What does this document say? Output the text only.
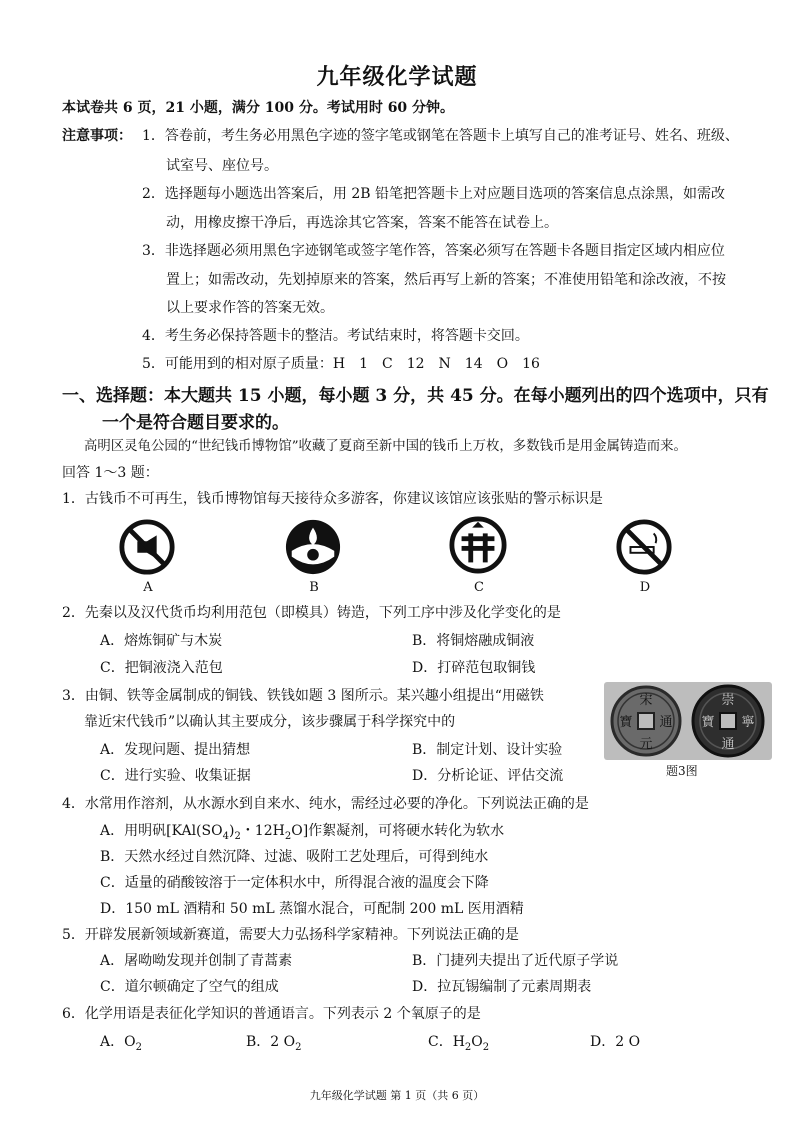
九年级化学试题
本试卷共 6 页，21 小题，满分 100 分。考试用时 60 分钟。
注意事项： 1．答卷前，考生务必用黑色字迹的签字笔或钢笔在答题卡上填写自己的准考证号、姓名、班级、
试室号、座位号。
2．选择题每小题选出答案后，用 2B 铅笔把答题卡上对应题目选项的答案信息点涂黑，如需改
动，用橡皮擦干净后，再选涂其它答案，答案不能答在试卷上。
3．非选择题必须用黑色字迹钢笔或签字笔作答，答案必须写在答题卡各题目指定区域内相应位
置上；如需改动，先划掉原来的答案，然后再写上新的答案；不准使用铅笔和涂改液，不按
以上要求作答的答案无效。
4．考生务必保持答题卡的整洁。考试结束时，将答题卡交回。
5．可能用到的相对原子质量：H　1　C　12　N　14　O　16
一、选择题：本大题共 15 小题，每小题 3 分，共 45 分。在每小题列出的四个选项中，只有
一个是符合题目要求的。
高明区灵龟公园的“世纪钱币博物馆”收藏了夏商至新中国的钱币上万枚，多数钱币是用金属铸造而来。
回答 1～3 题：
1．古钱币不可再生，钱币博物馆每天接待众多游客，你建议该馆应该张贴的警示标识是
A	B	C	D
2．先秦以及汉代货币均利用范包（即模具）铸造，下列工序中涉及化学变化的是
A．熔炼铜矿与木炭	B．将铜熔融成铜液
C．把铜液浇入范包	D．打碎范包取铜钱
3．由铜、铁等金属制成的铜钱、铁钱如题 3 图所示。某兴趣小组提出“用磁铁
靠近宋代钱币”以确认其主要成分，该步骤属于科学探究中的
A．发现问题、提出猜想	B．制定计划、设计实验
C．进行实验、收集证据	D．分析论证、评估交流
宋
通
元
寶
崇
寧
通
寶
题3图
4．水常用作溶剂，从水源水到自来水、纯水，需经过必要的净化。下列说法正确的是
A．用明矾[$KAl(SO_4)_2$・$12H_2O$]作絮凝剂，可将硬水转化为软水
B．天然水经过自然沉降、过滤、吸附工艺处理后，可得到纯水
C．适量的硝酸铵溶于一定体积水中，所得混合液的温度会下降
D．150 mL 酒精和 50 mL 蒸馏水混合，可配制 200 mL 医用酒精
5．开辟发展新领域新赛道，需要大力弘扬科学家精神。下列说法正确的是
A．屠呦呦发现并创制了青蒿素	B．门捷列夫提出了近代原子学说
C．道尔顿确定了空气的组成	D．拉瓦锡编制了元素周期表
6．化学用语是表征化学知识的普通语言。下列表示 2 个氧原子的是
A．$O_2$	B．2 $O_2$	C．$H_2O_2$	D．2 O
九年级化学试题 第 1 页（共 6 页）
